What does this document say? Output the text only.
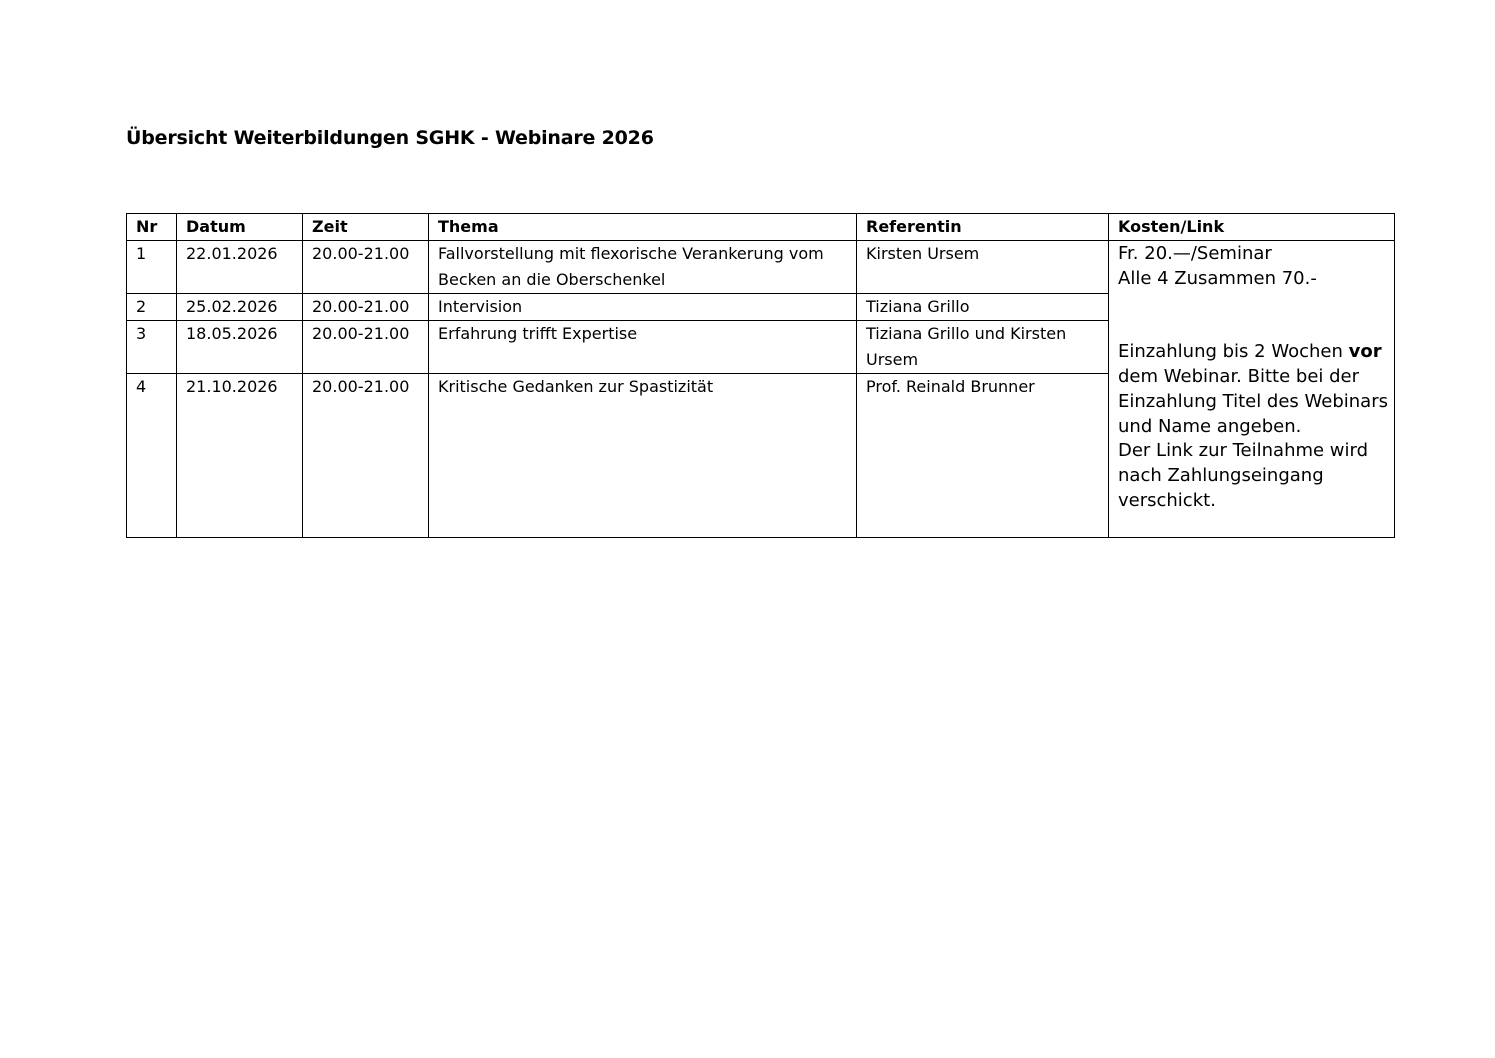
Übersicht Weiterbildungen SGHK - Webinare 2026
Nr	Datum	Zeit	Thema	Referentin	Kosten/Link
1	22.01.2026	20.00-21.00	Fallvorstellung mit flexorische Verankerung vom Becken an die Oberschenkel	Kirsten Ursem	Fr. 20.—/Seminar
Alle 4 Zusammen 70.-
Einzahlung bis 2 Wochen vor dem Webinar. Bitte bei der Einzahlung Titel des Webinars und Name angeben.
Der Link zur Teilnahme wird nach Zahlungseingang verschickt.

2	25.02.2026	20.00-21.00	Intervision	Tiziana Grillo	
3	18.05.2026	20.00-21.00	Erfahrung trifft Expertise	Tiziana Grillo und Kirsten Ursem	
4	21.10.2026	20.00-21.00	Kritische Gedanken zur Spastizität	Prof. Reinald Brunner	
